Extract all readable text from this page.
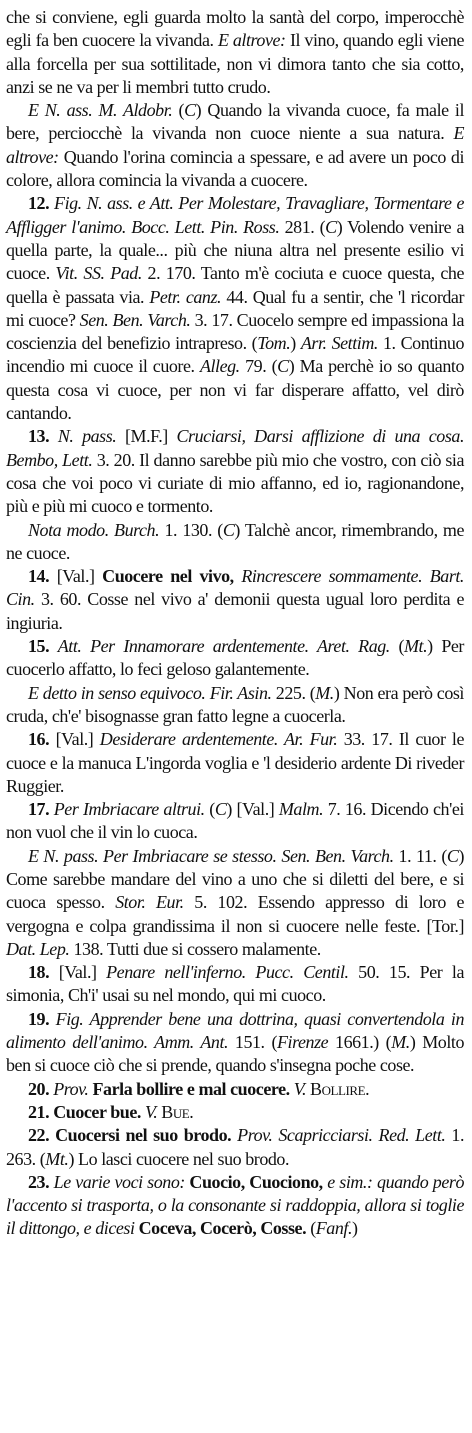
che si conviene, egli guarda molto la santà del corpo, imperocchè egli fa ben cuocere la vivanda. E altrove: Il vino, quando egli viene alla forcella per sua sottilitade, non vi dimora tanto che sia cotto, anzi se ne va per li membri tutto crudo.

E N. ass. M. Aldobr. (C) Quando la vivanda cuoce, fa male il bere, perciocchè la vivanda non cuoce niente a sua natura. E altrove: Quando l'orina comincia a spessare, e ad avere un poco di colore, allora comincia la vivanda a cuocere.

12. Fig. N. ass. e Att. Per Molestare, Travagliare, Tormentare e Affligger l'animo. Bocc. Lett. Pin. Ross. 281. (C) Volendo venire a quella parte, la quale... più che niuna altra nel presente esilio vi cuoce. Vit. SS. Pad. 2. 170. Tanto m'è cociuta e cuoce questa, che quella è passata via. Petr. canz. 44. Qual fu a sentir, che 'l ricordar mi cuoce? Sen. Ben. Varch. 3. 17. Cuocelo sempre ed impassiona la coscienzia del benefizio intrapreso. (Tom.) Arr. Settim. 1. Continuo incendio mi cuoce il cuore. Alleg. 79. (C) Ma perchè io so quanto questa cosa vi cuoce, per non vi far disperare affatto, vel dirò cantando.

13. N. pass. [M.F.] Cruciarsi, Darsi afflizione di una cosa. Bembo, Lett. 3. 20. Il danno sarebbe più mio che vostro, con ciò sia cosa che voi poco vi curiate di mio affanno, ed io, ragionandone, più e più mi cuoco e tormento.

Nota modo. Burch. 1. 130. (C) Talchè ancor, rimembrando, me ne cuoce.

14. [Val.] Cuocere nel vivo, Rincrescere sommamente. Bart. Cin. 3. 60. Cosse nel vivo a' demonii questa ugual loro perdita e ingiuria.

15. Att. Per Innamorare ardentemente. Aret. Rag. (Mt.) Per cuocerlo affatto, lo feci geloso galantemente.

E detto in senso equivoco. Fir. Asin. 225. (M.) Non era però così cruda, ch'e' bisognasse gran fatto legne a cuocerla.

16. [Val.] Desiderare ardentemente. Ar. Fur. 33. 17. Il cuor le cuoce e la manuca L'ingorda voglia e 'l desiderio ardente Di riveder Ruggier.

17. Per Imbriacare altrui. (C) [Val.] Malm. 7. 16. Dicendo ch'ei non vuol che il vin lo cuoca.

E N. pass. Per Imbriacare se stesso. Sen. Ben. Varch. 1. 11. (C) Come sarebbe mandare del vino a uno che si diletti del bere, e si cuoca spesso. Stor. Eur. 5. 102. Essendo appresso di loro e vergogna e colpa grandissima il non si cuocere nelle feste. [Tor.] Dat. Lep. 138. Tutti due si cossero malamente.

18. [Val.] Penare nell'inferno. Pucc. Centil. 50. 15. Per la simonia, Ch'i' usai su nel mondo, qui mi cuoco.

19. Fig. Apprender bene una dottrina, quasi convertendola in alimento dell'animo. Amm. Ant. 151. (Firenze 1661.) (M.) Molto ben si cuoce ciò che si prende, quando s'insegna poche cose.

20. Prov. Farla bollire e mal cuocere. V. Bollire.

21. Cuocer bue. V. Bue.

22. Cuocersi nel suo brodo. Prov. Scapricciarsi. Red. Lett. 1. 263. (Mt.) Lo lasci cuocere nel suo brodo.

23. Le varie voci sono: Cuocio, Cuociono, e sim.: quando però l'accento si trasporta, o la consonante si raddoppia, allora si toglie il dittongo, e dicesi Coceva, Cocerò, Cosse. (Fanf.)
